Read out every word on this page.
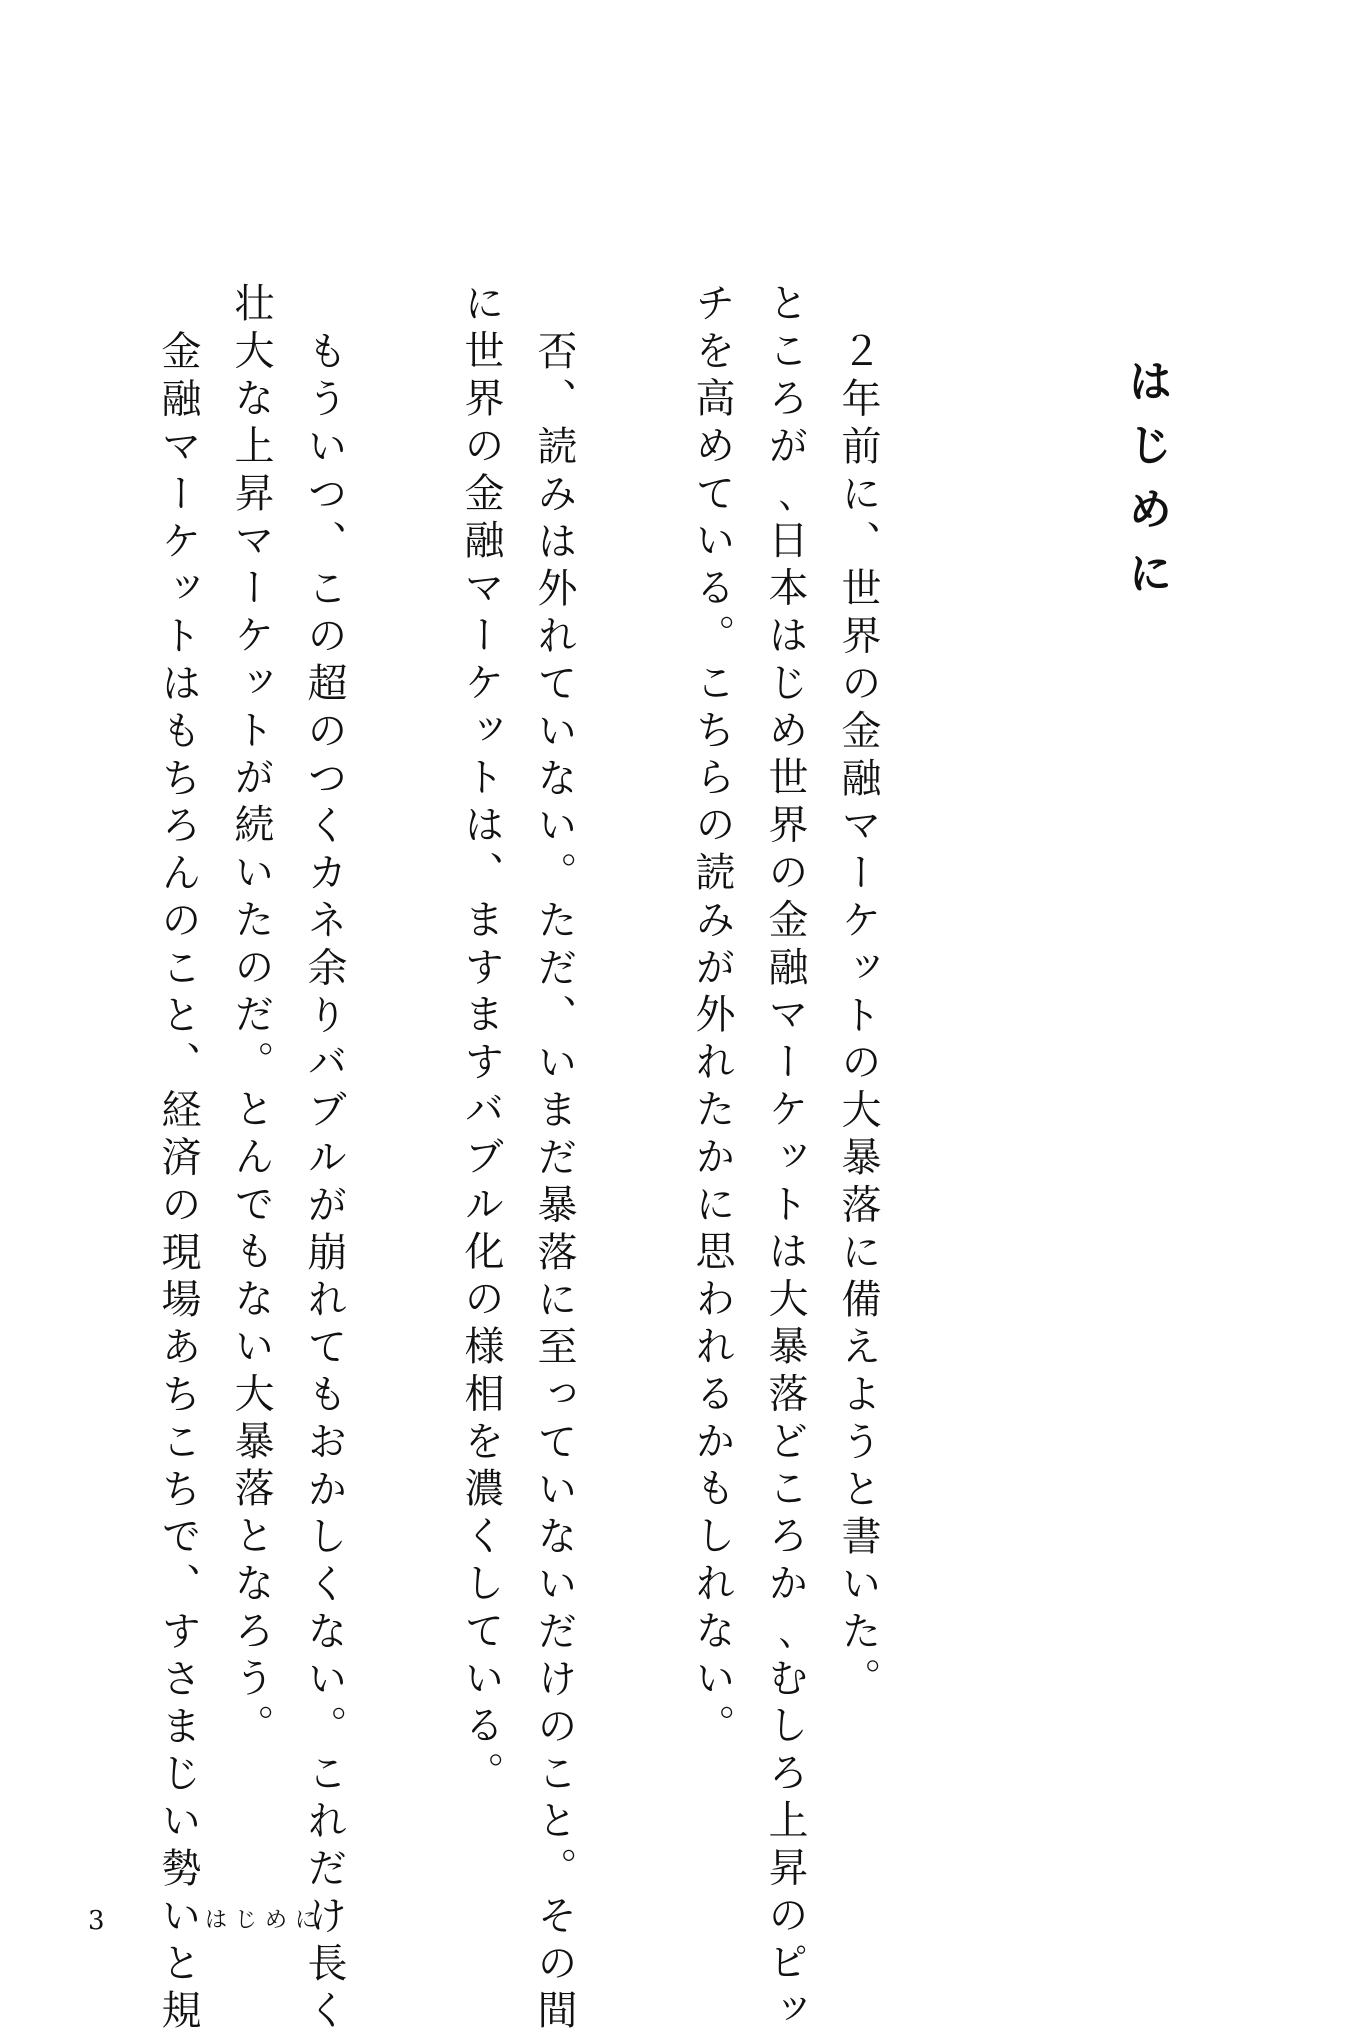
はじめに
２年前に、世界の金融マーケットの大暴落に備えようと書いた。
ところが､日本はじめ世界の金融マーケットは大暴落どころか､むしろ上昇のピッ
チを高めている。こちらの読みが外れたかに思われるかもしれない。
否、読みは外れていない。ただ、いまだ暴落に至っていないだけのこと。その間
に世界の金融マーケットは、ますますバブル化の様相を濃くしている。
もういつ、この超のつくカネ余りバブルが崩れてもおかしくない。これだけ長く
壮大な上昇マーケットが続いたのだ。とんでもない大暴落となろう。
金融マーケットはもちろんのこと、経済の現場あちこちで、すさまじい勢いと規
3	はじめに
